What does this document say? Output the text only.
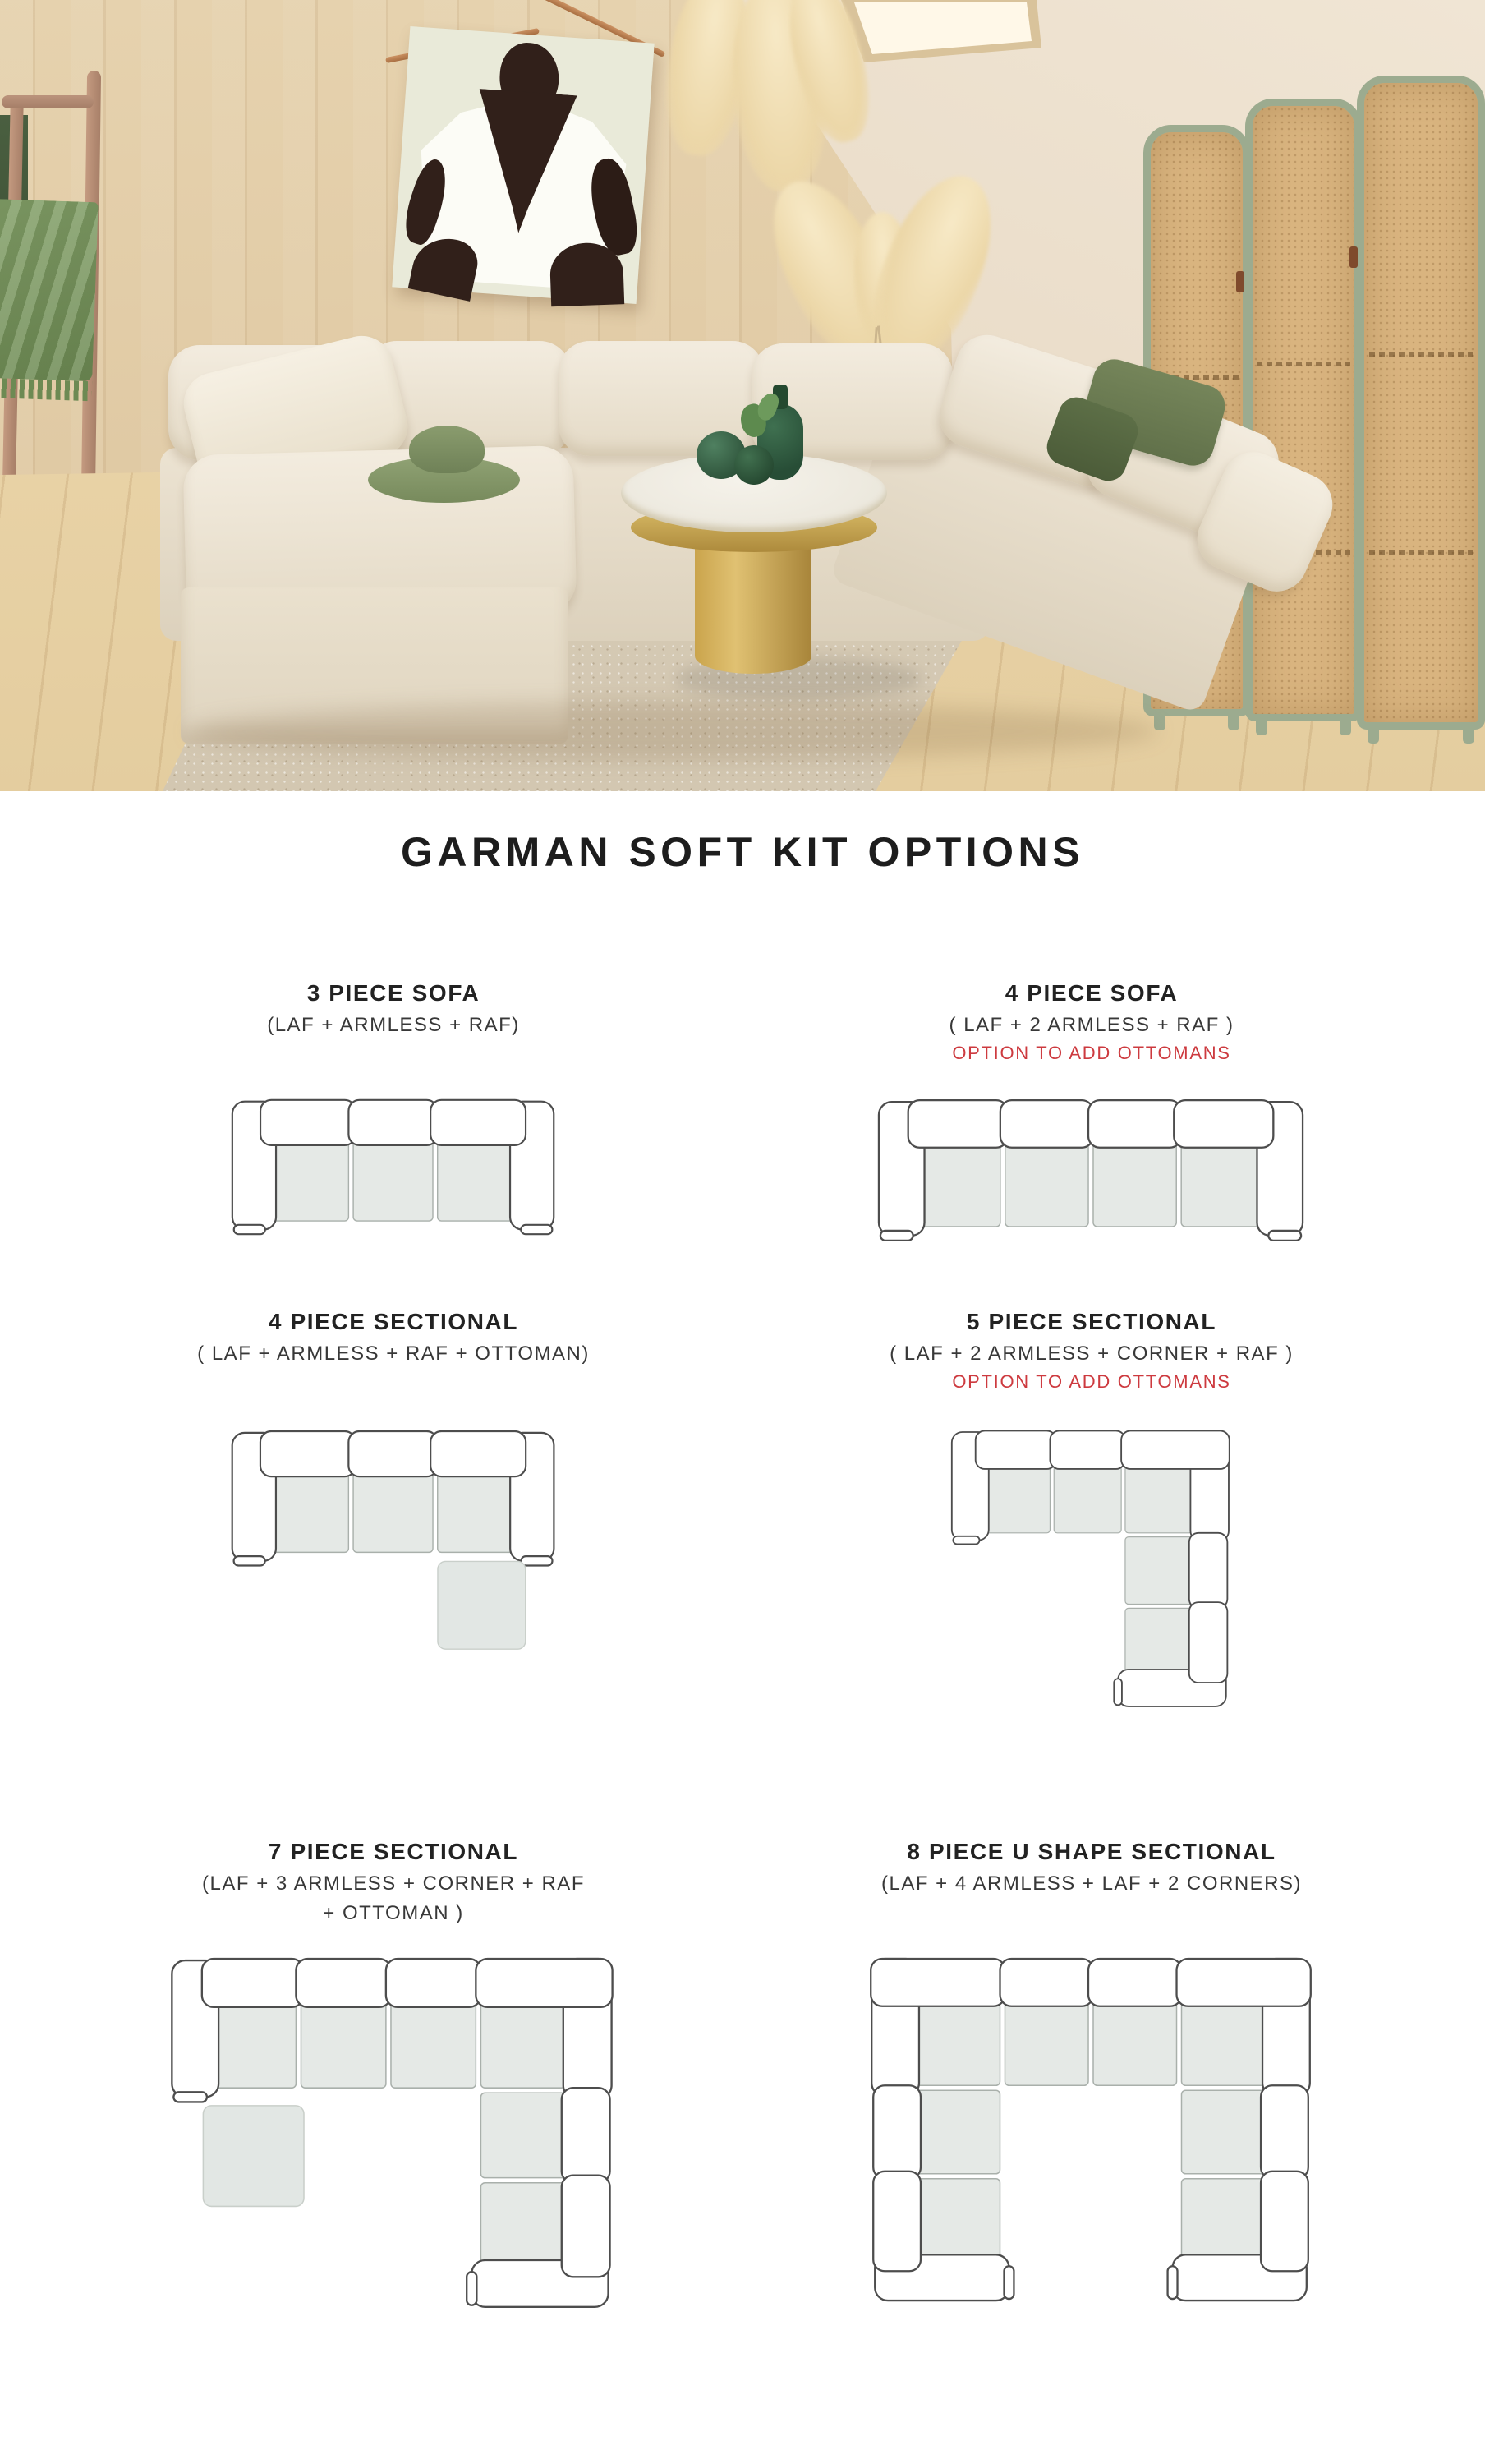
GARMAN SOFT KIT OPTIONS
3 PIECE SOFA

(LAF + ARMLESS + RAF)

4 PIECE SOFA

( LAF + 2 ARMLESS + RAF )

OPTION TO ADD OTTOMANS

4 PIECE SECTIONAL

( LAF + ARMLESS + RAF + OTTOMAN)

5 PIECE SECTIONAL

( LAF + 2 ARMLESS + CORNER + RAF )

OPTION TO ADD OTTOMANS

7 PIECE SECTIONAL

(LAF + 3 ARMLESS + CORNER + RAF

+ OTTOMAN )

8 PIECE U SHAPE SECTIONAL

(LAF + 4 ARMLESS + LAF + 2 CORNERS)
